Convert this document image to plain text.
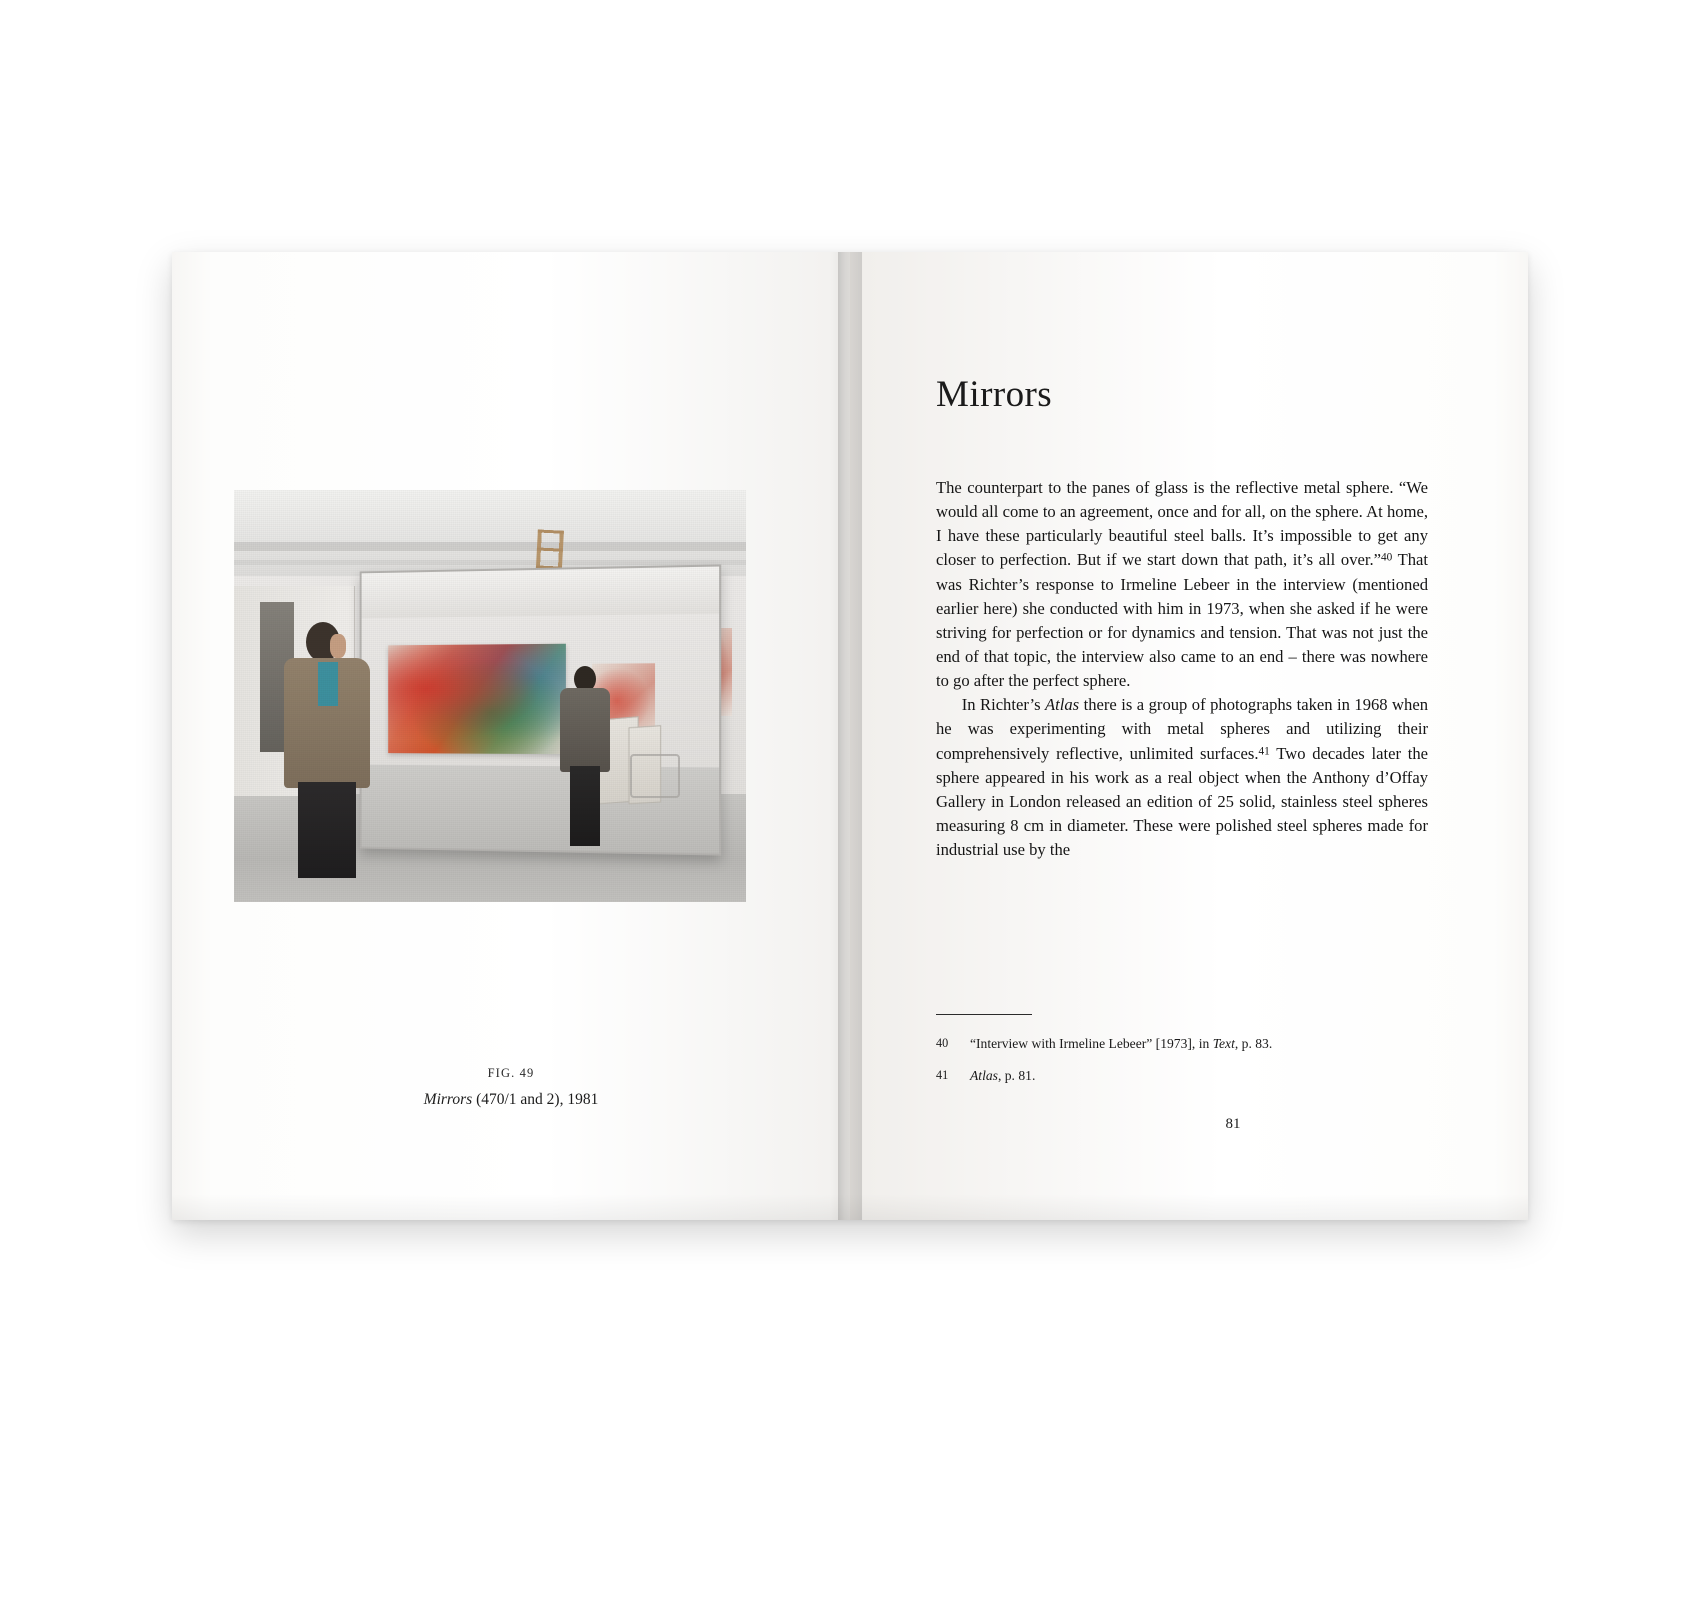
FIG. 49
Mirrors (470/1 and 2), 1981
Mirrors

The counterpart to the panes of glass is the reflective metal sphere. “We would all come to an agreement, once and for all, on the sphere. At home, I have these particularly beautiful steel balls. It’s impossible to get any closer to perfection. But if we start down that path, it’s all over.”$^{40}$ That was Richter’s response to Irmeline Lebeer in the interview (mentioned earlier here) she conducted with him in 1973, when she asked if he were striving for perfection or for dynamics and tension. That was not just the end of that topic, the interview also came to an end – there was nowhere to go after the perfect sphere.

In Richter’s Atlas there is a group of photographs taken in 1968 when he was experimenting with metal spheres and utilizing their comprehensively reflective, unlimited surfaces.$^{41}$ Two decades later the sphere appeared in his work as a real object when the Anthony d’Offay Gallery in London released an edition of 25 solid, stainless steel spheres measuring 8 cm in diameter. These were polished steel spheres made for industrial use by the

40	“Interview with Irmeline Lebeer” [1973], in Text, p. 83.
41	Atlas, p. 81.
81
